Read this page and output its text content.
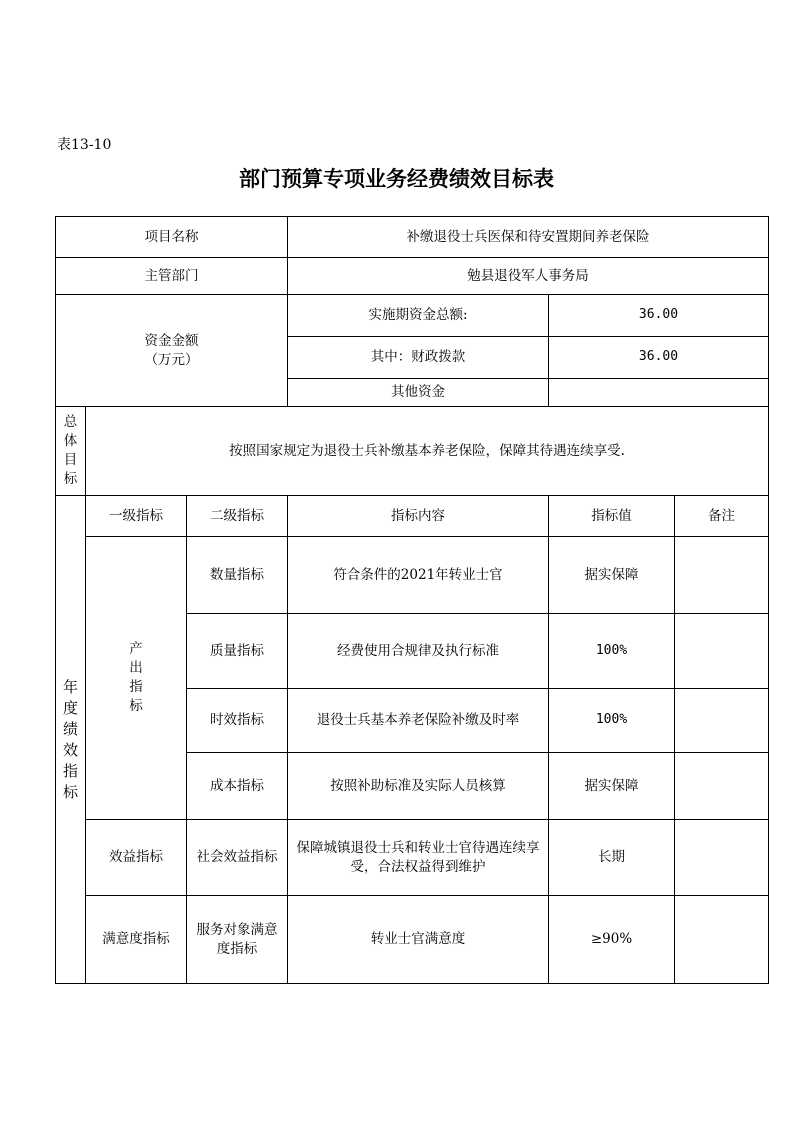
表13-10
部门预算专项业务经费绩效目标表
项目名称			补缴退役士兵医保和待安置期间养老保险		
主管部门			勉县退役军人事务局		

资金金额
（万元）			实施期资金总额:	36.00	
			其中：财政拨款	36.00	
			其他资金		
总体目标	按照国家规定为退役士兵补缴基本养老保险，保障其待遇连续享受.				
年度绩效指标	一级指标	二级指标	指标内容	指标值	备注
	产出指标	数量指标	符合条件的2021年转业士官	据实保障	
		质量指标	经费使用合规律及执行标准	100%	
		时效指标	退役士兵基本养老保险补缴及时率	100%	
		成本指标	按照补助标准及实际人员核算	据实保障	
	效益指标	社会效益指标	保障城镇退役士兵和转业士官待遇连续享受，合法权益得到维护	长期	
	满意度指标	服务对象满意度指标	转业士官满意度	≥90%	
